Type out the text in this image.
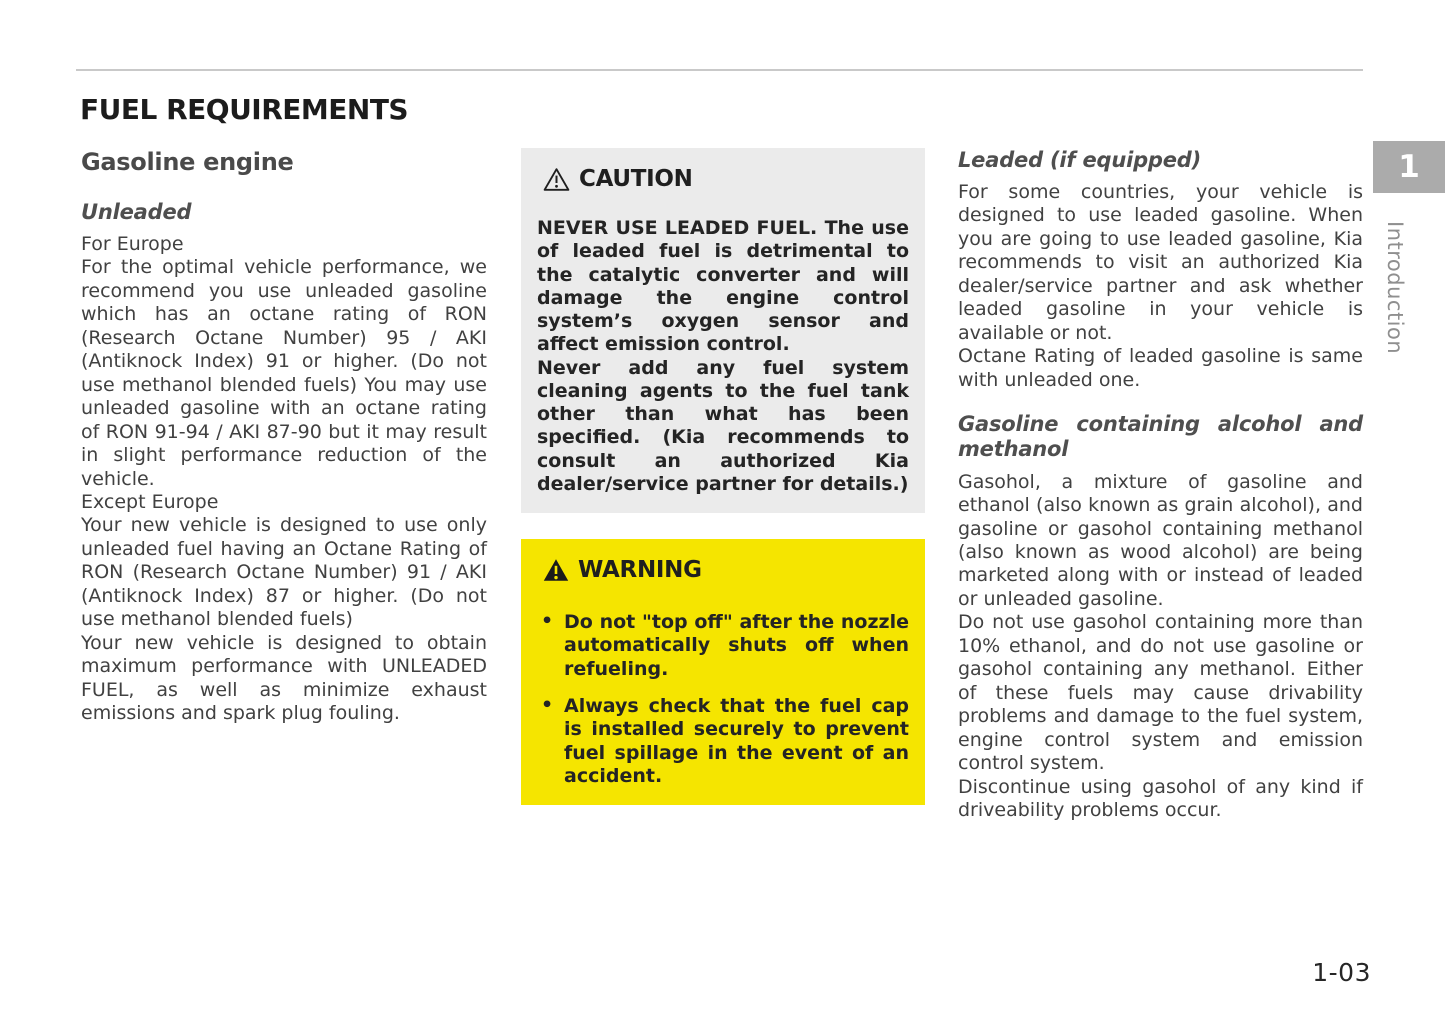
FUEL REQUIREMENTS
Gasoline engine
Unleaded
For Europe

For the optimal vehicle performance, we recommend you use unleaded gasoline which has an octane rating of RON (Research Octane Number) 95 / AKI (Antiknock Index) 91 or higher. (Do not use methanol blended fuels) You may use unleaded gasoline with an octane rating of RON 91-94 / AKI 87-90 but it may result in slight performance reduction of the vehicle.

Except Europe

Your new vehicle is designed to use only unleaded fuel having an Octane Rating of RON (Research Octane Number) 91 / AKI (Antiknock Index) 87 or higher. (Do not use methanol blended fuels)

Your new vehicle is designed to obtain maximum performance with UNLEADED FUEL, as well as minimize exhaust emissions and spark plug fouling.

CAUTION

NEVER USE LEADED FUEL. The use of leaded fuel is detrimental to the catalytic converter and will damage the engine control system’s oxygen sensor and affect emission control.

Never add any fuel system cleaning agents to the fuel tank other than what has been specified. (Kia recommends to consult an authorized Kia dealer/service partner for details.)

WARNING
• Do not "top off" after the nozzle automatically shuts off when refueling.
• Always check that the fuel cap is installed securely to prevent fuel spillage in the event of an accident.
Leaded (if equipped)

For some countries, your vehicle is designed to use leaded gasoline. When you are going to use leaded gasoline, Kia recommends to visit an authorized Kia dealer/service partner and ask whether leaded gasoline in your vehicle is available or not.

Octane Rating of leaded gasoline is same with unleaded one.

Gasoline containing alcohol and methanol

Gasohol, a mixture of gasoline and ethanol (also known as grain alcohol), and gasoline or gasohol containing methanol (also known as wood alcohol) are being marketed along with or instead of leaded or unleaded gasoline.

Do not use gasohol containing more than 10% ethanol, and do not use gasoline or gasohol containing any methanol. Either of these fuels may cause drivability problems and damage to the fuel system, engine control system and emission control system.

Discontinue using gasohol of any kind if driveability problems occur.

1
Introduction
1-03
